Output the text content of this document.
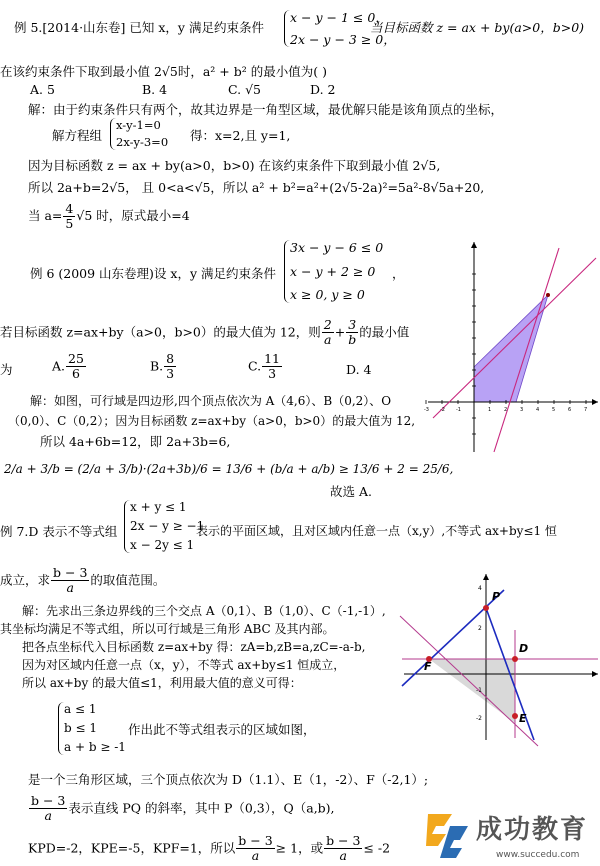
例 5.[2014·山东卷] 已知 x，y 满足约束条件
x − y − 1 ≤ 0，
2x − y − 3 ≥ 0，
当目标函数 z = ax + by(a>0，b>0)
在该约束条件下取到最小值 2√5时，a² + b² 的最小值为( )
A. 5	B. 4	C. √5	D. 2
解：由于约束条件只有两个，故其边界是一角型区域，最优解只能是该角顶点的坐标，
解方程组
x-y-1=0
2x-y-3=0 得：x=2,且 y=1,
因为目标函数 z = ax + by(a>0，b>0) 在该约束条件下取到最小值 2√5,
所以 2a+b=2√5， 且 0<a<√5，所以 a² + b²=a²+(2√5-2a)²=5a²-8√5a+20,
当 $a= \frac{4}{5} √5$ 时，原式最小=4
例 6 (2009 山东卷理)设 x，y 满足约束条件
3x − y − 6 ≤ 0
x − y + 2 ≥ 0
x ≥ 0, y ≥ 0
，
若目标函数 z=ax+by（a>0，b>0）的最大值为 12，则 $\frac{2}{a} + \frac{3}{b}$ 的最小值
为	A. $\frac{25}{6}$	B. $\frac{8}{3}$	C. $\frac{11}{3}$	D. 4
解：如图，可行域是四边形,四个顶点依次为 A（4,6）、B（0,2）、O
（0,0）、C（0,2）；因为目标函数 z=ax+by（a>0，b>0）的最大值为 12,
所以 4a+6b=12，即 2a+3b=6,
2/a + 3/b = (2/a + 3/b)·(2a+3b)/6 = 13/6 + (b/a + a/b) ≥ 13/6 + 2 = 25/6,
故选 A.
-3 -2 -1	1	2	3	4	5	6	7
例 7.D 表示不等式组
x + y ≤ 1
2x − y ≥ −1
x − 2y ≤ 1
表示的平面区域，且对区域内任意一点（x,y）,不等式 ax+by≤1 恒
成立，求 $\frac{b - 3}{a}$ 的取值范围。
解：先求出三条边界线的三个交点 A（0,1）、B（1,0）、C（-1,-1）,
其坐标均满足不等式组，所以可行域是三角形 ABC 及其内部。
把各点坐标代入目标函数 z=ax+by 得：zA=b,zB=a,zC=-a-b,
因为对区域内任意一点（x，y），不等式 ax+by≤1 恒成立，
所以 ax+by 的最大值≤1，利用最大值的意义可得：
a ≤ 1
b ≤ 1
a + b ≥ -1
作出此不等式组表示的区域如图，
是一个三角形区域，三个顶点依次为 D（1.1）、E（1，-2）、F（-2,1）;
$\frac{b - 3}{a}$ 表示直线 PQ 的斜率，其中 P（0,3），Q（a,b),
KPD=-2，KPE=-5，KPF=1，所以 $\frac{b - 3}{a} \ge 1$，或 $\frac{b - 3}{a} \le -2$
P
D
E
F
4
2
-1
-2
成功教育
www.succedu.com
